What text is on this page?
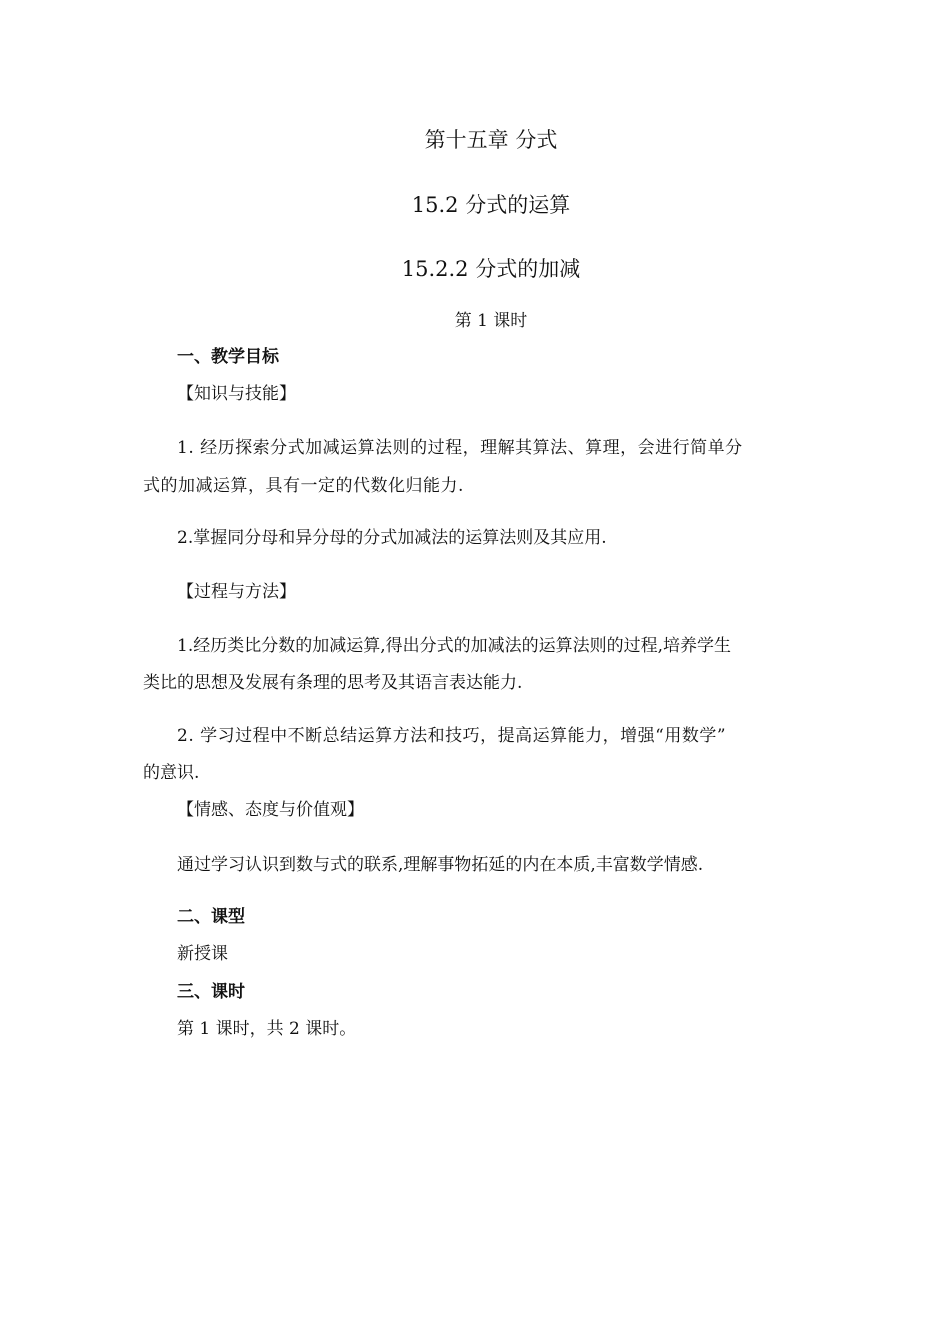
第十五章 分式
15.2 分式的运算
15.2.2 分式的加减
第 1 课时
一、教学目标
【知识与技能】
1. 经历探索分式加减运算法则的过程，理解其算法、算理，会进行简单分
式的加减运算，具有一定的代数化归能力.
2.掌握同分母和异分母的分式加减法的运算法则及其应用.
【过程与方法】
1.经历类比分数的加减运算,得出分式的加减法的运算法则的过程,培养学生
类比的思想及发展有条理的思考及其语言表达能力.
2. 学习过程中不断总结运算方法和技巧，提高运算能力，增强“用数学”
的意识.
【情感、态度与价值观】
通过学习认识到数与式的联系,理解事物拓延的内在本质,丰富数学情感.
二、课型
新授课
三、课时
第 1 课时，共 2 课时。
